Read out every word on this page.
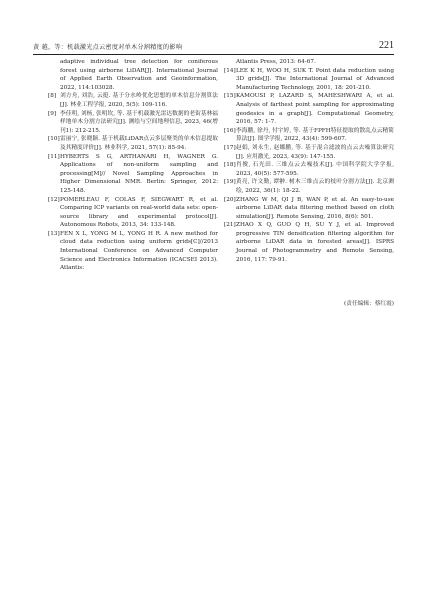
黄 越，等：机载激光点云密度对单木分割精度的影响	221

adaptive individual tree detection for coniferous forest using airborne LiDAR[J]. International Journal of Applied Earth Observation and Geoinformation, 2022, 114:103028.

[8] 刘方舟, 刘浩, 云挺. 基于分水岭优化思想的单木信息分割算法[J]. 林业工程学报, 2020, 5(5): 109-116.

[9] 李佳明, 刘杨, 张明坎, 等. 基于机载激光雷达数据的老街基林福样地单木分割方法研究[J]. 测绘与空间地理信息, 2023, 46(增刊1): 212-215.

[10] 雷丽宁, 张晓颖. 基于机载LiDAR点云多层聚类的单木信息提取及其精度评价[J]. 林业科学, 2021, 57(1): 85-94.

[11] HYBERTS S G, ARTHANARI H, WAGNER G. Applications of non-uniform sampling and processing[M]// Novel Sampling Approaches in Higher Dimensional NMR. Berlin: Springer, 2012: 125-148.

[12] POMERLEAU F, COLAS F, SIEGWART R, et al. Comparing ICP variants on real-world data sets: open-source library and experimental protocol[J]. Autonomous Robots, 2013, 34: 133-148.

[13] FEN X L, YONG M L, YONG H R. A new method for cloud data reduction using uniform grids[C]//2013 International Conference on Advanced Computer Science and Electronics Information (ICACSEI 2013). Atlantis:

Atlantis Press, 2013: 64-67.

[14] LEE K H, WOO H, SUK T. Point data reduction using 3D grids[J]. The International Journal of Advanced Manufacturing Technology, 2001, 18: 201-210.

[15] KAMOUSI P, LAZARD S, MAHESHWARI A, et al. Analysis of farthest point sampling for approximating geodesics in a graph[J]. Computational Geometry, 2016, 57: 1-7.

[16] 李海鹏, 徐丹, 付宇婷, 等. 基于FPFH特征提取的散乱点云精简算法[J]. 图学学报, 2022, 43(4): 599-607.

[17] 赵娟, 刘永生, 赵娜鹏, 等. 基于混合滤波的点云去噪算法研究[J]. 应用激光, 2023, 43(9): 147-155.

[18] 肖俊, 石光田. 三维点云去噪技术[J]. 中国科学院大学学报, 2023, 40(5): 577-595.

[19] 黄亮, 许文勤, 谭翀. 树木三维点云的枝叶分割方法[J]. 北京测绘, 2022, 36(1): 18-22.

[20] ZHANG W M, QI J B, WAN P, et al. An easy-to-use airborne LiDAR data filtering method based on cloth simulation[J]. Remote Sensing, 2016, 8(6): 501.

[21] ZHAO X Q, GUO Q H, SU Y J, et al. Improved progressive TIN densification filtering algorithm for airborne LiDAR data in forested areas[J]. ISPRS Journal of Photogrammetry and Remote Sensing, 2016, 117: 79-91.

(责任编辑：蔡红霞)
